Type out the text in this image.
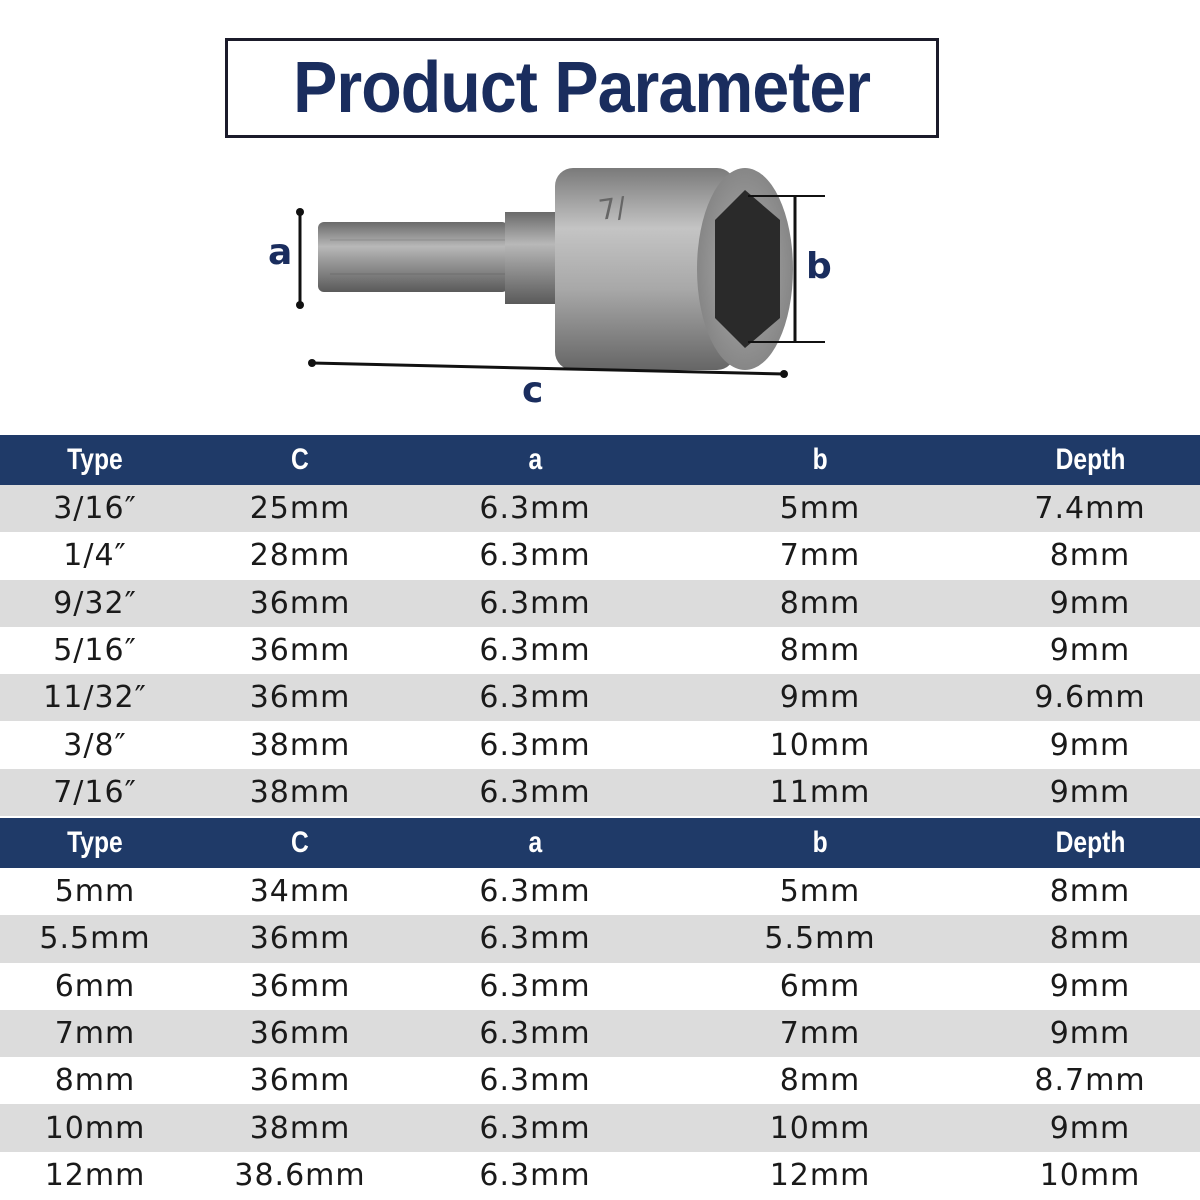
Product Parameter
7/
a	b
c
Type	C	a	b	Depth
3/16″	25mm	6.3mm	5mm	7.4mm
1/4″	28mm	6.3mm	7mm	8mm
9/32″	36mm	6.3mm	8mm	9mm
5/16″	36mm	6.3mm	8mm	9mm
11/32″	36mm	6.3mm	9mm	9.6mm
3/8″	38mm	6.3mm	10mm	9mm
7/16″	38mm	6.3mm	11mm	9mm
Type	C	a	b	Depth
5mm	34mm	6.3mm	5mm	8mm
5.5mm	36mm	6.3mm	5.5mm	8mm
6mm	36mm	6.3mm	6mm	9mm
7mm	36mm	6.3mm	7mm	9mm
8mm	36mm	6.3mm	8mm	8.7mm
10mm	38mm	6.3mm	10mm	9mm
12mm	38.6mm	6.3mm	12mm	10mm
